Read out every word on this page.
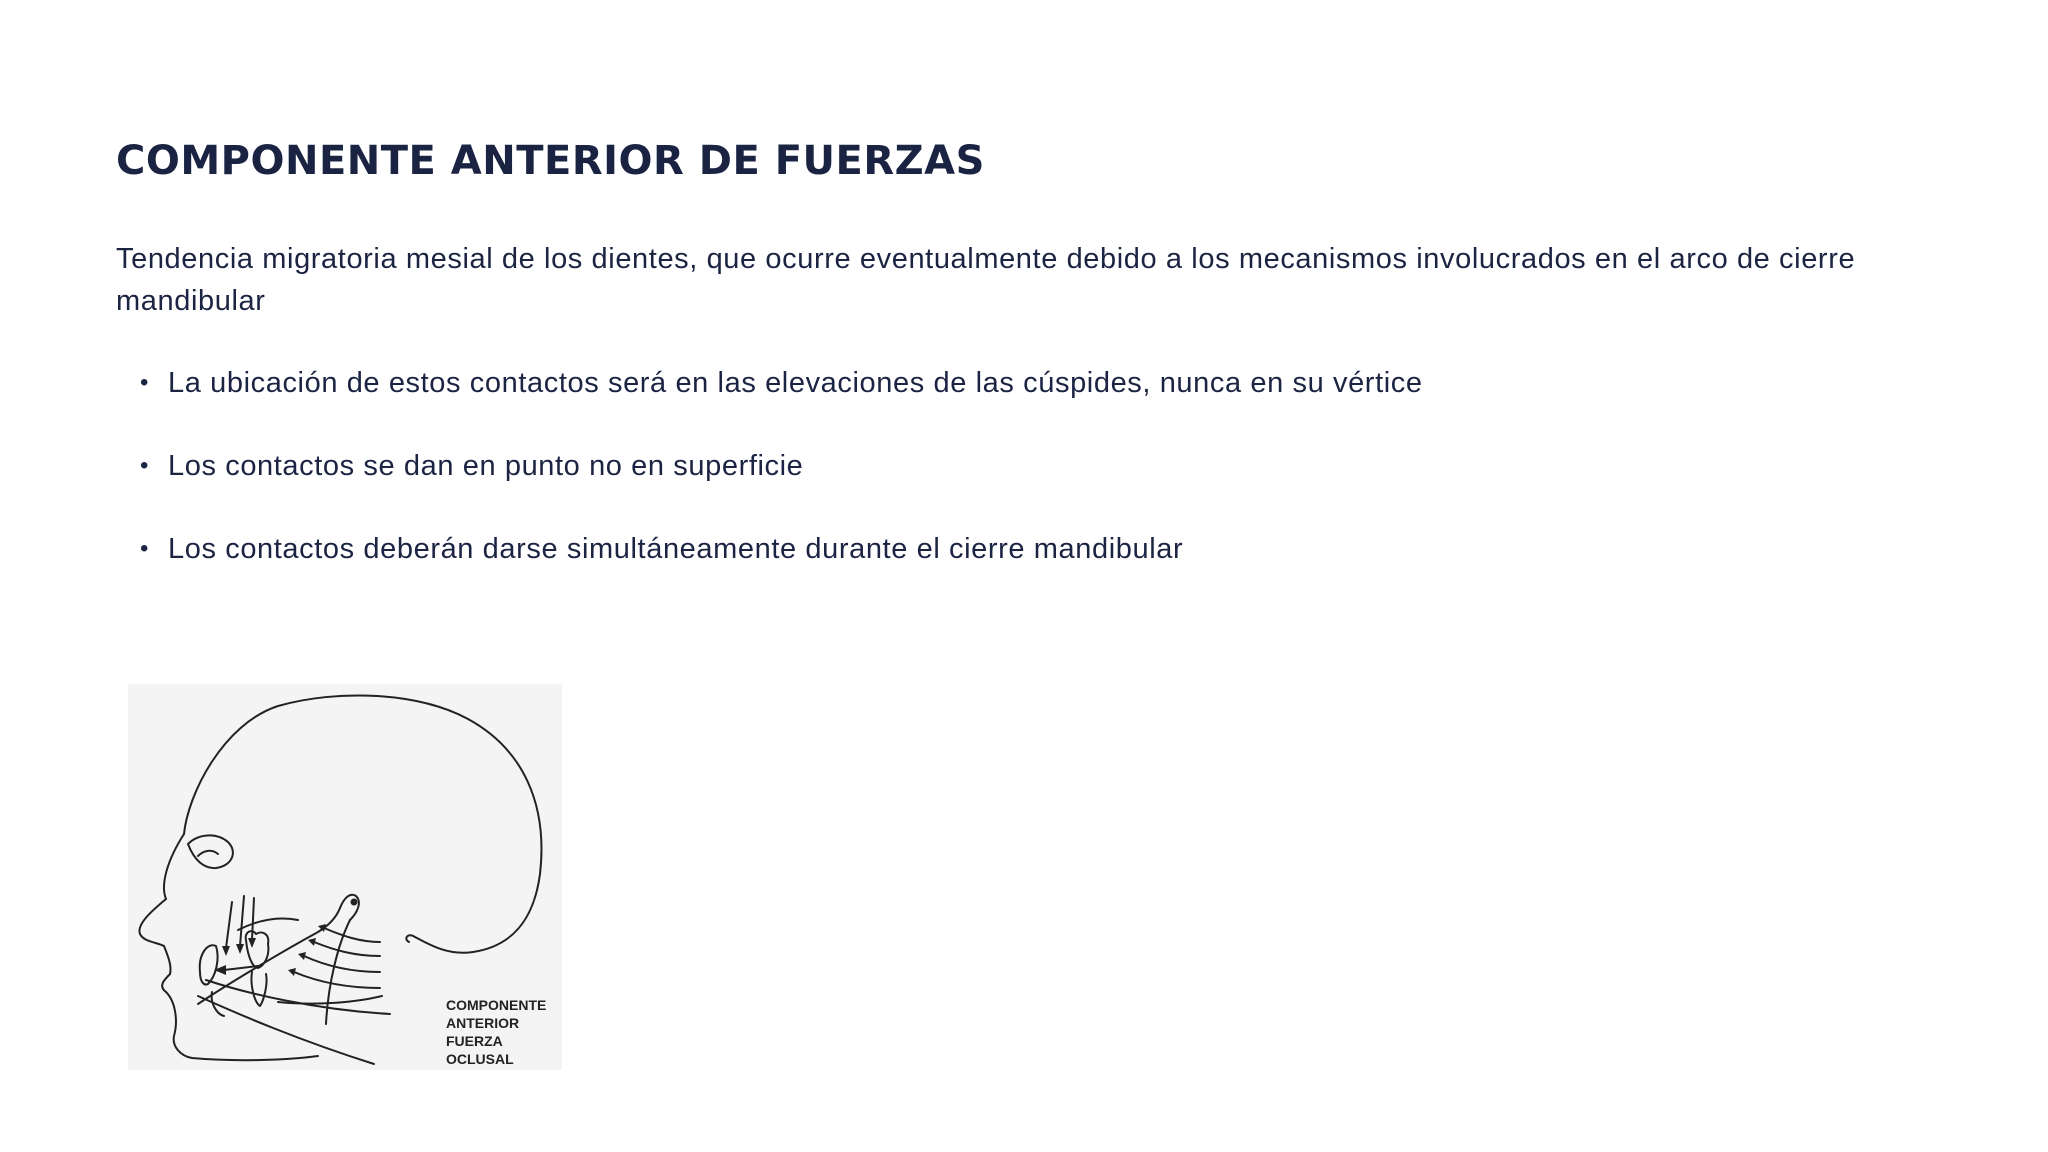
COMPONENTE ANTERIOR DE FUERZAS

Tendencia migratoria mesial de los dientes, que ocurre eventualmente debido a los mecanismos involucrados en el arco de cierre mandibular

• La ubicación de estos contactos será en las elevaciones de las cúspides, nunca en su vértice
• Los contactos se dan en punto no en superficie
• Los contactos deberán darse simultáneamente durante el cierre mandibular

COMPONENTE
ANTERIOR
FUERZA
OCLUSAL
